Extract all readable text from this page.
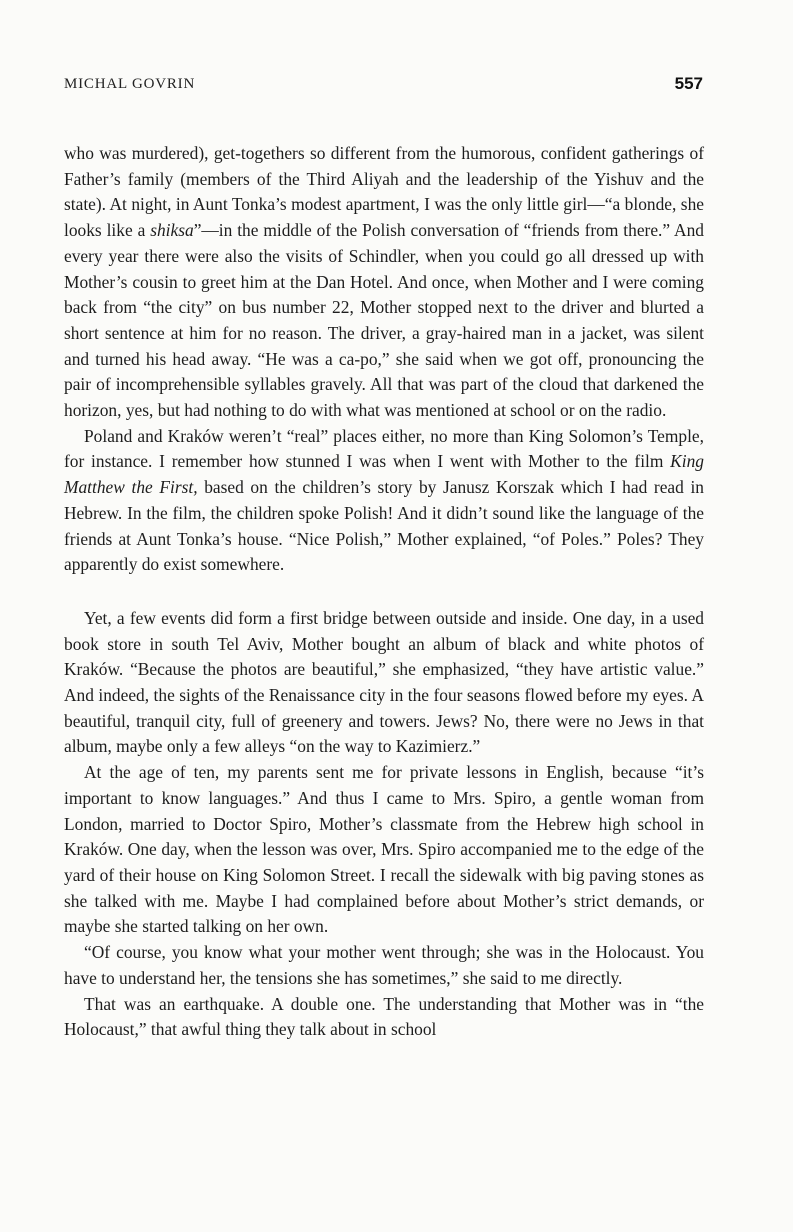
MICHAL GOVRIN	557

who was murdered), get-togethers so different from the humorous, confident gatherings of Father’s family (members of the Third Aliyah and the leadership of the Yishuv and the state). At night, in Aunt Tonka’s modest apartment, I was the only little girl—“a blonde, she looks like a shiksa”—in the middle of the Polish conversation of “friends from there.” And every year there were also the visits of Schindler, when you could go all dressed up with Mother’s cousin to greet him at the Dan Hotel. And once, when Mother and I were coming back from “the city” on bus number 22, Mother stopped next to the driver and blurted a short sentence at him for no reason. The driver, a gray-haired man in a jacket, was silent and turned his head away. “He was a ca-po,” she said when we got off, pronouncing the pair of incomprehensible syllables gravely. All that was part of the cloud that darkened the horizon, yes, but had nothing to do with what was mentioned at school or on the radio.

Poland and Kraków weren’t “real” places either, no more than King Solomon’s Temple, for instance. I remember how stunned I was when I went with Mother to the film King Matthew the First, based on the children’s story by Janusz Korszak which I had read in Hebrew. In the film, the children spoke Polish! And it didn’t sound like the language of the friends at Aunt Tonka’s house. “Nice Polish,” Mother explained, “of Poles.” Poles? They apparently do exist somewhere.

Yet, a few events did form a first bridge between outside and inside. One day, in a used book store in south Tel Aviv, Mother bought an album of black and white photos of Kraków. “Because the photos are beautiful,” she emphasized, “they have artistic value.” And indeed, the sights of the Renaissance city in the four seasons flowed before my eyes. A beautiful, tranquil city, full of greenery and towers. Jews? No, there were no Jews in that album, maybe only a few alleys “on the way to Kazimierz.”

At the age of ten, my parents sent me for private lessons in English, because “it’s important to know languages.” And thus I came to Mrs. Spiro, a gentle woman from London, married to Doctor Spiro, Mother’s classmate from the Hebrew high school in Kraków. One day, when the lesson was over, Mrs. Spiro accompanied me to the edge of the yard of their house on King Solomon Street. I recall the sidewalk with big paving stones as she talked with me. Maybe I had complained before about Mother’s strict demands, or maybe she started talking on her own.

“Of course, you know what your mother went through; she was in the Holocaust. You have to understand her, the tensions she has sometimes,” she said to me directly.

That was an earthquake. A double one. The understanding that Mother was in “the Holocaust,” that awful thing they talk about in school
